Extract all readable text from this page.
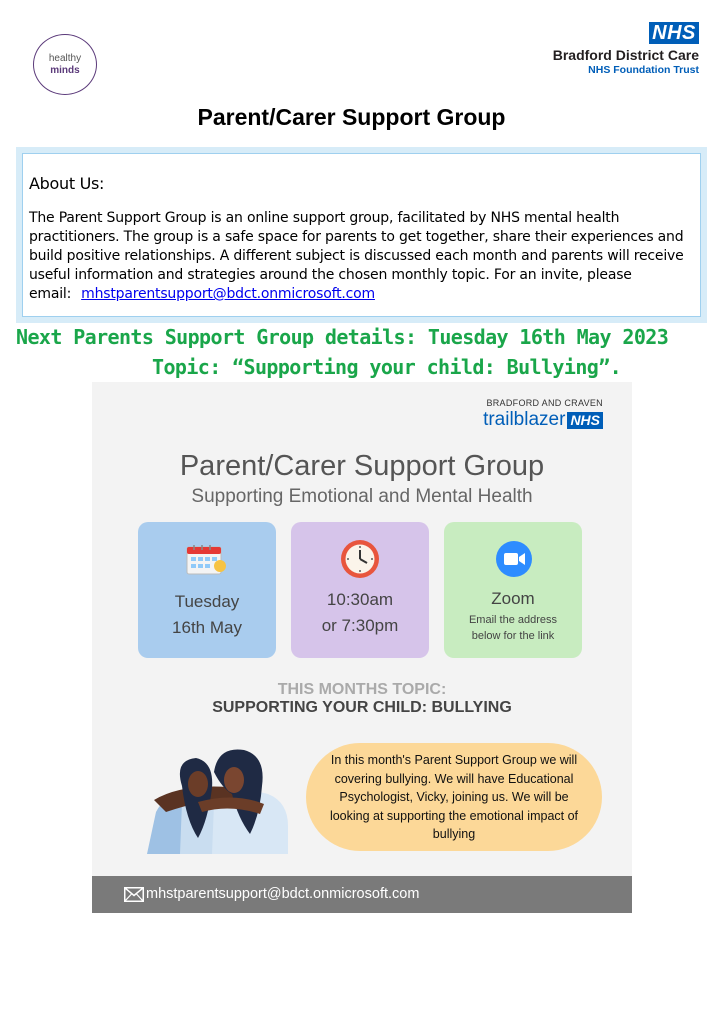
healthy
minds
NHS
Bradford District Care
NHS Foundation Trust
Parent/Carer Support Group
About Us:
The Parent Support Group is an online support group, facilitated by NHS mental health practitioners. The group is a safe space for parents to get together, share their experiences and build positive relationships. A different subject is discussed each month and parents will receive useful information and strategies around the chosen monthly topic. For an invite, please email: mhstparentsupport@bdct.onmicrosoft.com
Next Parents Support Group details: Tuesday 16th May 2023
Topic: “Supporting your child: Bullying”.
BRADFORD AND CRAVEN
trailblazer NHS
Parent/Carer Support Group
Supporting Emotional and Mental Health
Tuesday
16th May
10:30am
or 7:30pm
Zoom
Email the address
below for the link
THIS MONTHS TOPIC:
SUPPORTING YOUR CHILD: BULLYING
In this month's Parent Support Group we will covering bullying. We will have Educational Psychologist, Vicky, joining us. We will be looking at supporting the emotional impact of bullying
mhstparentsupport@bdct.onmicrosoft.com
